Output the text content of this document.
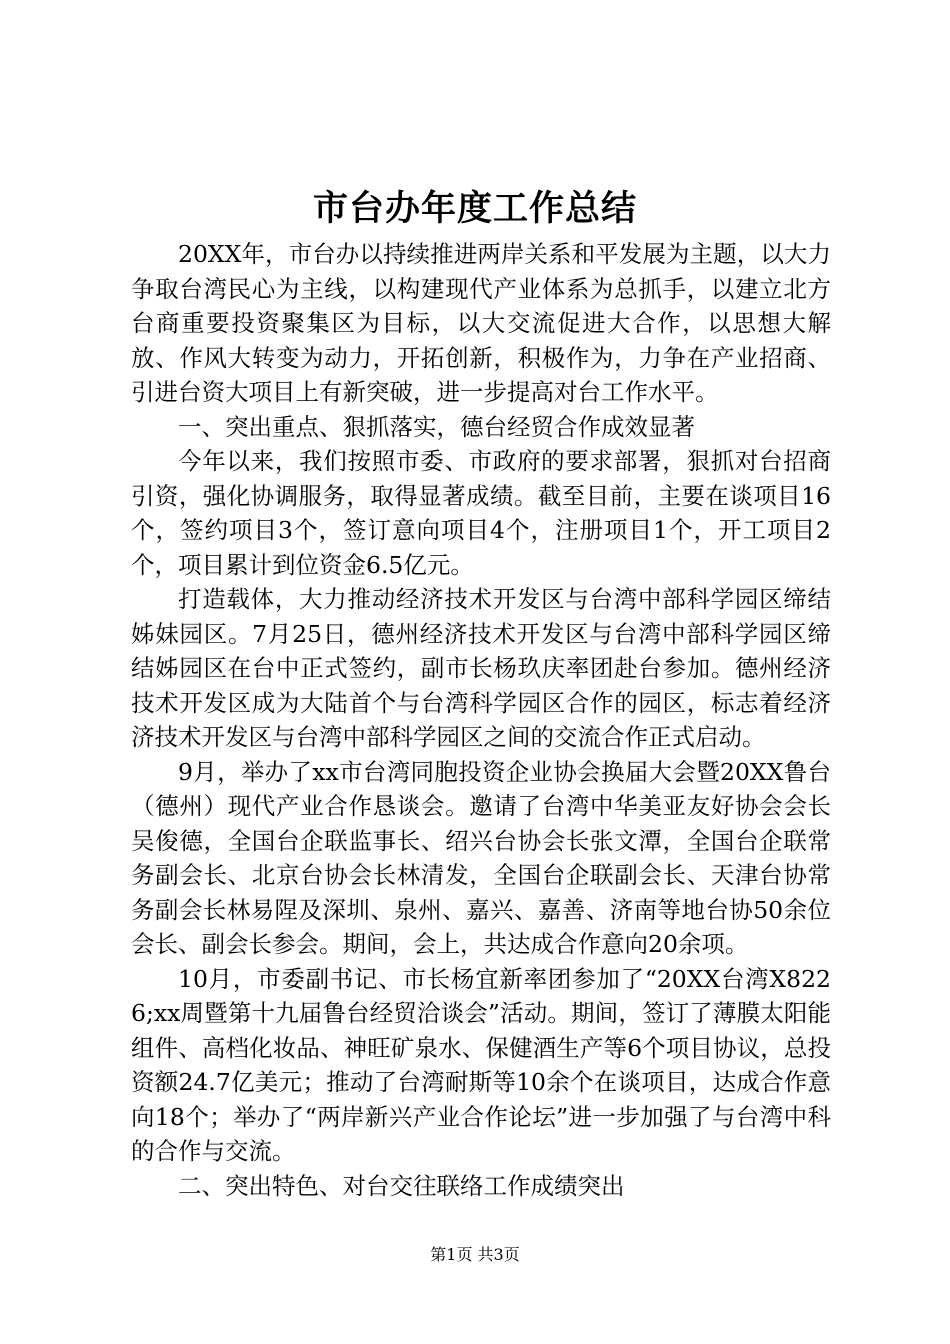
市台办年度工作总结

20XX年，市台办以持续推进两岸关系和平发展为主题，以大力争取台湾民心为主线，以构建现代产业体系为总抓手，以建立北方台商重要投资聚集区为目标，以大交流促进大合作，以思想大解放、作风大转变为动力，开拓创新，积极作为，力争在产业招商、引进台资大项目上有新突破，进一步提高对台工作水平。

一、突出重点、狠抓落实，德台经贸合作成效显著

今年以来，我们按照市委、市政府的要求部署，狠抓对台招商引资，强化协调服务，取得显著成绩。截至目前，主要在谈项目16个，签约项目3个，签订意向项目4个，注册项目1个，开工项目2个，项目累计到位资金6.5亿元。

打造载体，大力推动经济技术开发区与台湾中部科学园区缔结姊妹园区。7月25日，德州经济技术开发区与台湾中部科学园区缔结姊园区在台中正式签约，副市长杨玖庆率团赴台参加。德州经济技术开发区成为大陆首个与台湾科学园区合作的园区，标志着经济济技术开发区与台湾中部科学园区之间的交流合作正式启动。

9月，举办了xx市台湾同胞投资企业协会换届大会暨20XX鲁台（德州）现代产业合作恳谈会。邀请了台湾中华美亚友好协会会长吴俊德，全国台企联监事长、绍兴台协会长张文潭，全国台企联常务副会长、北京台协会长林清发，全国台企联副会长、天津台协常务副会长林易陧及深圳、泉州、嘉兴、嘉善、济南等地台协50余位会长、副会长参会。期间，会上，共达成合作意向20余项。

10月，市委副书记、市长杨宜新率团参加了“20XX台湾X8226;xx周暨第十九届鲁台经贸洽谈会”活动。期间，签订了薄膜太阳能组件、高档化妆品、神旺矿泉水、保健酒生产等6个项目协议，总投资额24.7亿美元；推动了台湾耐斯等10余个在谈项目，达成合作意向18个；举办了“两岸新兴产业合作论坛”进一步加强了与台湾中科的合作与交流。

二、突出特色、对台交往联络工作成绩突出

第1页 共3页
